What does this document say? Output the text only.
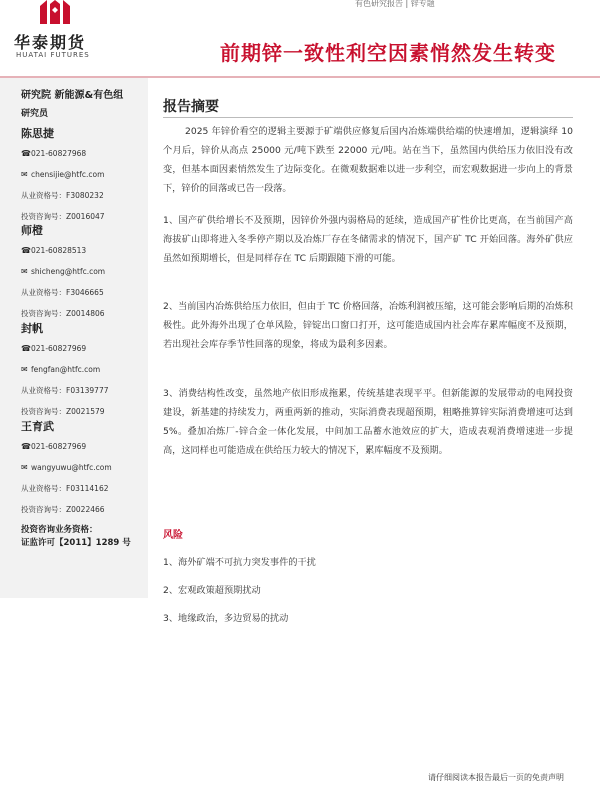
华泰期货
HUATAI FUTURES
有色研究报告 | 锌专题
前期锌一致性利空因素悄然发生转变
研究院 新能源&有色组
研究员
陈思捷
☎021-60827968
✉ chensijie@htfc.com
从业资格号：F3080232
投资咨询号：Z0016047
师橙
☎021-60828513
✉ shicheng@htfc.com
从业资格号：F3046665
投资咨询号：Z0014806
封帆
☎021-60827969
✉ fengfan@htfc.com
从业资格号：F03139777
投资咨询号：Z0021579
王育武
☎021-60827969
✉ wangyuwu@htfc.com
从业资格号：F03114162
投资咨询号：Z0022466
投资咨询业务资格：
证监许可【2011】1289 号
报告摘要

2025 年锌价看空的逻辑主要源于矿端供应修复后国内冶炼端供给端的快速增加，逻辑演绎 10 个月后，锌价从高点 25000 元/吨下跌至 22000 元/吨。站在当下，虽然国内供给压力依旧没有改变，但基本面因素悄然发生了边际变化。在微观数据难以进一步利空，而宏观数据进一步向上的背景下，锌价的回落或已告一段落。

1、国产矿供给增长不及预期，因锌价外强内弱格局的延续，造成国产矿性价比更高，在当前国产高海拔矿山即将进入冬季停产期以及冶炼厂存在冬储需求的情况下，国产矿 TC 开始回落。海外矿供应虽然如预期增长，但是同样存在 TC 后期跟随下滑的可能。

2、当前国内冶炼供给压力依旧，但由于 TC 价格回落，冶炼利润被压缩，这可能会影响后期的冶炼积极性。此外海外出现了仓单风险，锌锭出口窗口打开，这可能造成国内社会库存累库幅度不及预期，若出现社会库存季节性回落的现象，将成为最利多因素。

3、消费结构性改变，虽然地产依旧形成拖累，传统基建表现平平。但新能源的发展带动的电网投资建设，新基建的持续发力，两重两新的推动，实际消费表现超预期，粗略推算锌实际消费增速可达到 5%。叠加冶炼厂-锌合金一体化发展，中间加工品蓄水池效应的扩大，造成表观消费增速进一步提高，这同样也可能造成在供给压力较大的情况下，累库幅度不及预期。

风险
1、海外矿端不可抗力突发事件的干扰
2、宏观政策超预期扰动
3、地缘政治，多边贸易的扰动
请仔细阅读本报告最后一页的免责声明
